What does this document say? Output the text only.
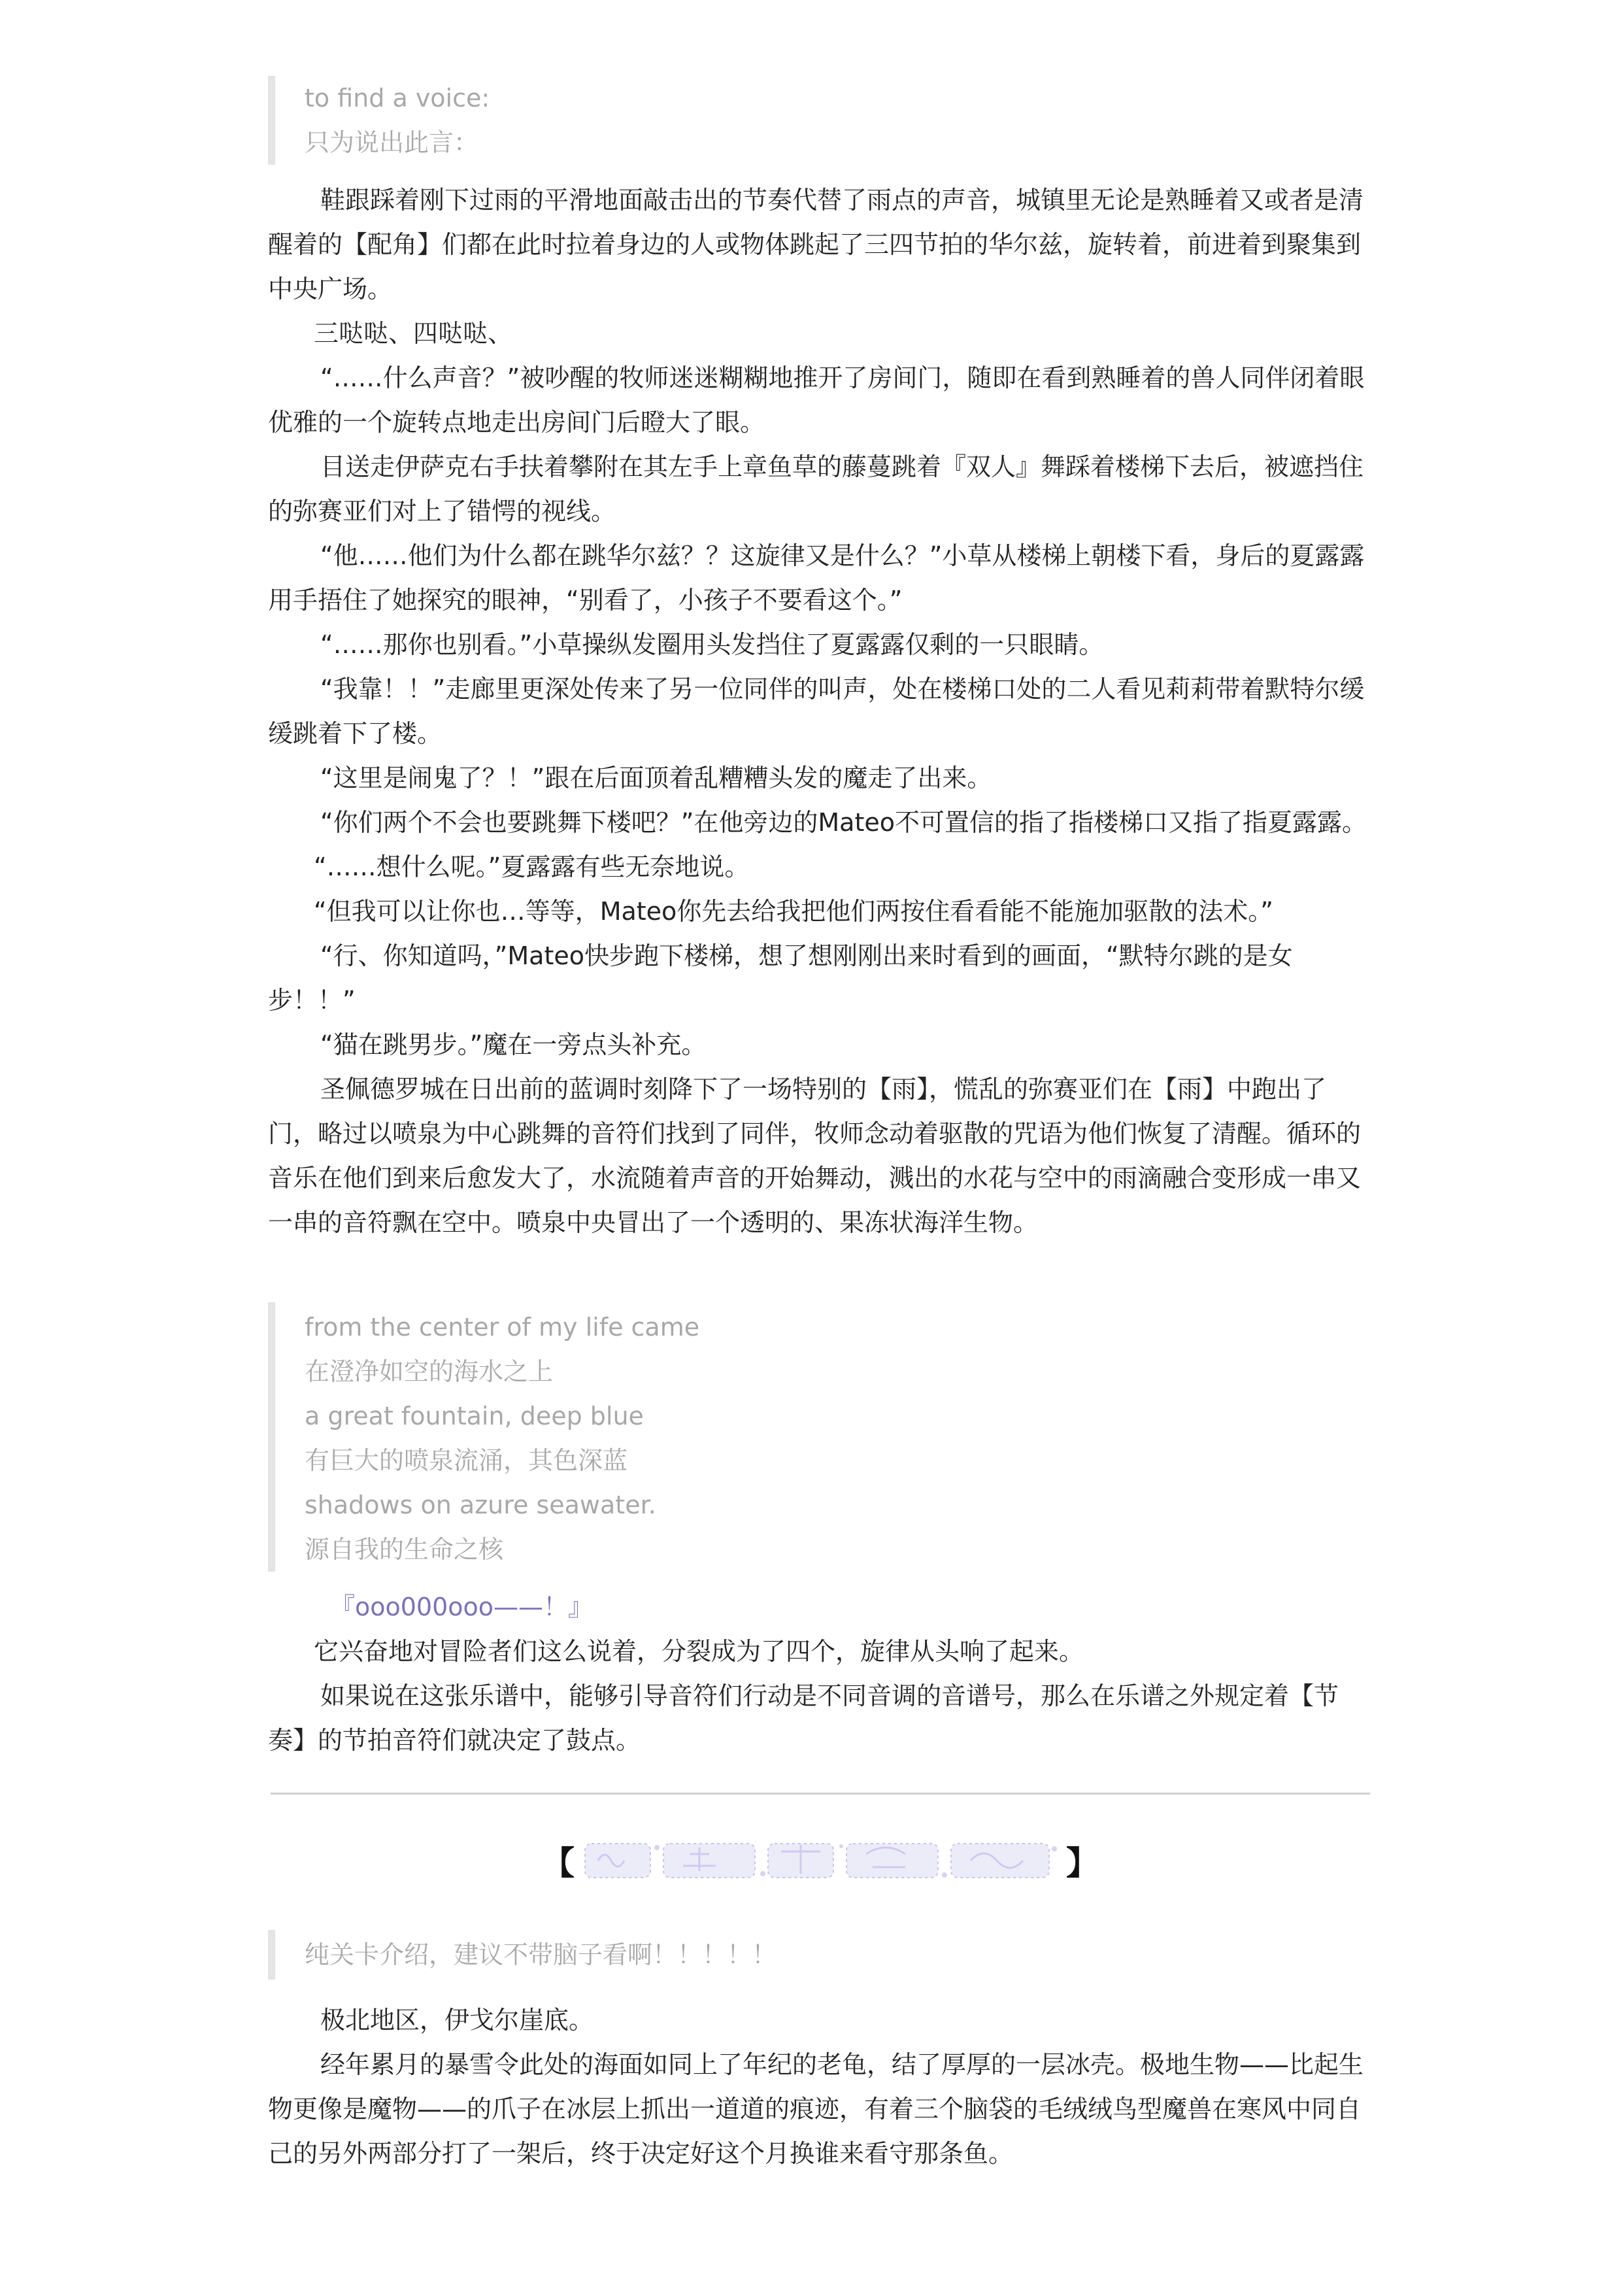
to find a voice:
只为说出此言：

鞋跟踩着刚下过雨的平滑地面敲击出的节奏代替了雨点的声音，城镇里无论是熟睡着又或者是清醒着的【配角】们都在此时拉着身边的人或物体跳起了三四节拍的华尔兹，旋转着，前进着到聚集到中央广场。

三哒哒、四哒哒、

“……什么声音？”被吵醒的牧师迷迷糊糊地推开了房间门，随即在看到熟睡着的兽人同伴闭着眼优雅的一个旋转点地走出房间门后瞪大了眼。

目送走伊萨克右手扶着攀附在其左手上章鱼草的藤蔓跳着『双人』舞踩着楼梯下去后，被遮挡住的弥赛亚们对上了错愕的视线。

“他……他们为什么都在跳华尔兹？？这旋律又是什么？”小草从楼梯上朝楼下看，身后的夏露露用手捂住了她探究的眼神，“别看了，小孩子不要看这个。”

“……那你也别看。”小草操纵发圈用头发挡住了夏露露仅剩的一只眼睛。

“我靠！！”走廊里更深处传来了另一位同伴的叫声，处在楼梯口处的二人看见莉莉带着默特尔缓缓跳着下了楼。

“这里是闹鬼了？！”跟在后面顶着乱糟糟头发的魔走了出来。

“你们两个不会也要跳舞下楼吧？”在他旁边的Mateo不可置信的指了指楼梯口又指了指夏露露。

“……想什么呢。”夏露露有些无奈地说。

“但我可以让你也…等等，Mateo你先去给我把他们两按住看看能不能施加驱散的法术。”

“行、你知道吗，”Mateo快步跑下楼梯，想了想刚刚出来时看到的画面，“默特尔跳的是女步！！”

“猫在跳男步。”魔在一旁点头补充。

圣佩德罗城在日出前的蓝调时刻降下了一场特别的【雨】，慌乱的弥赛亚们在【雨】中跑出了门，略过以喷泉为中心跳舞的音符们找到了同伴，牧师念动着驱散的咒语为他们恢复了清醒。循环的音乐在他们到来后愈发大了，水流随着声音的开始舞动，溅出的水花与空中的雨滴融合变形成一串又一串的音符飘在空中。喷泉中央冒出了一个透明的、果冻状海洋生物。

from the center of my life came
在澄净如空的海水之上
a great fountain, deep blue
有巨大的喷泉流涌，其色深蓝
shadows on azure seawater.
源自我的生命之核

『ooo000ooo——！』

它兴奋地对冒险者们这么说着，分裂成为了四个，旋律从头响了起来。

如果说在这张乐谱中，能够引导音符们行动是不同音调的音谱号，那么在乐谱之外规定着【节奏】的节拍音符们就决定了鼓点。

【	】
纯关卡介绍，建议不带脑子看啊！！！！！

极北地区，伊戈尔崖底。

经年累月的暴雪令此处的海面如同上了年纪的老龟，结了厚厚的一层冰壳。极地生物——比起生物更像是魔物——的爪子在冰层上抓出一道道的痕迹，有着三个脑袋的毛绒绒鸟型魔兽在寒风中同自己的另外两部分打了一架后，终于决定好这个月换谁来看守那条鱼。
